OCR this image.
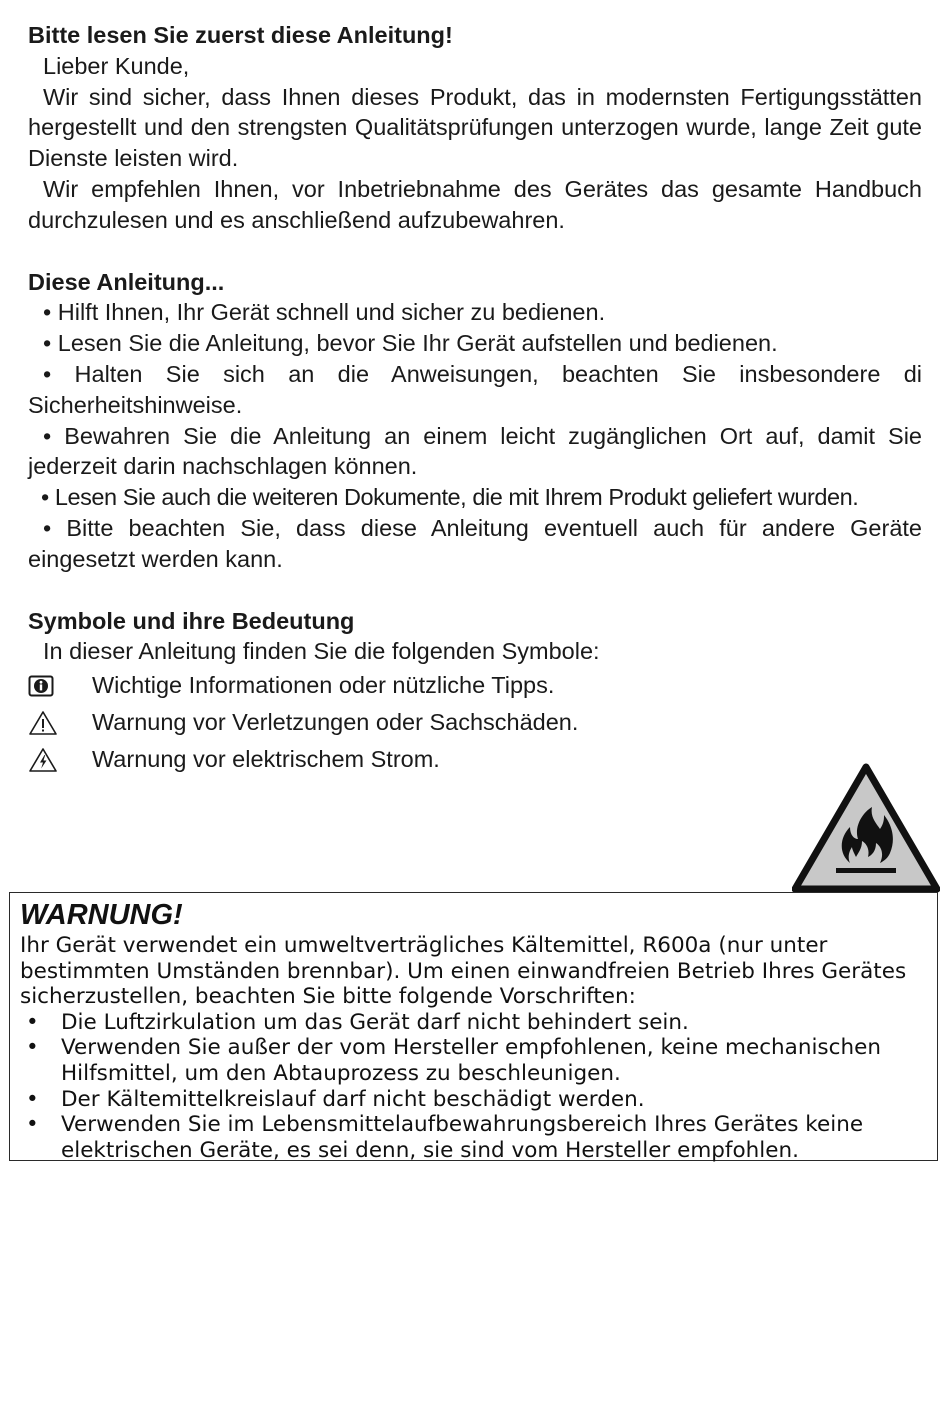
Bitte lesen Sie zuerst diese Anleitung!
Lieber Kunde,
Wir sind sicher, dass Ihnen dieses Produkt, das in modernsten Fertigungsstätten hergestellt und den strengsten Qualitätsprüfungen unterzogen wurde, lange Zeit gute Dienste leisten wird.
Wir empfehlen Ihnen, vor Inbetriebnahme des Gerätes das gesamte Handbuch durchzulesen und es anschließend aufzubewahren.
Diese Anleitung...
• Hilft Ihnen, Ihr Gerät schnell und sicher zu bedienen.
• Lesen Sie die Anleitung, bevor Sie Ihr Gerät aufstellen und bedienen.
• Halten Sie sich an die Anweisungen, beachten Sie insbesondere di Sicherheitshinweise.
• Bewahren Sie die Anleitung an einem leicht zugänglichen Ort auf, damit Sie jederzeit darin nachschlagen können.
• Lesen Sie auch die weiteren Dokumente, die mit Ihrem Produkt geliefert wurden.
• Bitte beachten Sie, dass diese Anleitung eventuell auch für andere Geräte eingesetzt werden kann.
Symbole und ihre Bedeutung
In dieser Anleitung finden Sie die folgenden Symbole:
Wichtige Informationen oder nützliche Tipps.
Warnung vor Verletzungen oder Sachschäden.
Warnung vor elektrischem Strom.
WARNUNG!
Ihr Gerät verwendet ein umweltverträgliches Kältemittel, R600a (nur unter bestimmten Umständen brennbar). Um einen einwandfreien Betrieb Ihres Gerätes sicherzustellen, beachten Sie bitte folgende Vorschriften:
• Die Luftzirkulation um das Gerät darf nicht behindert sein.
• Verwenden Sie außer der vom Hersteller empfohlenen, keine mechanischen Hilfsmittel, um den Abtauprozess zu beschleunigen.
• Der Kältemittelkreislauf darf nicht beschädigt werden.
• Verwenden Sie im Lebensmittelaufbewahrungsbereich Ihres Gerätes keine elektrischen Geräte, es sei denn, sie sind vom Hersteller empfohlen.
